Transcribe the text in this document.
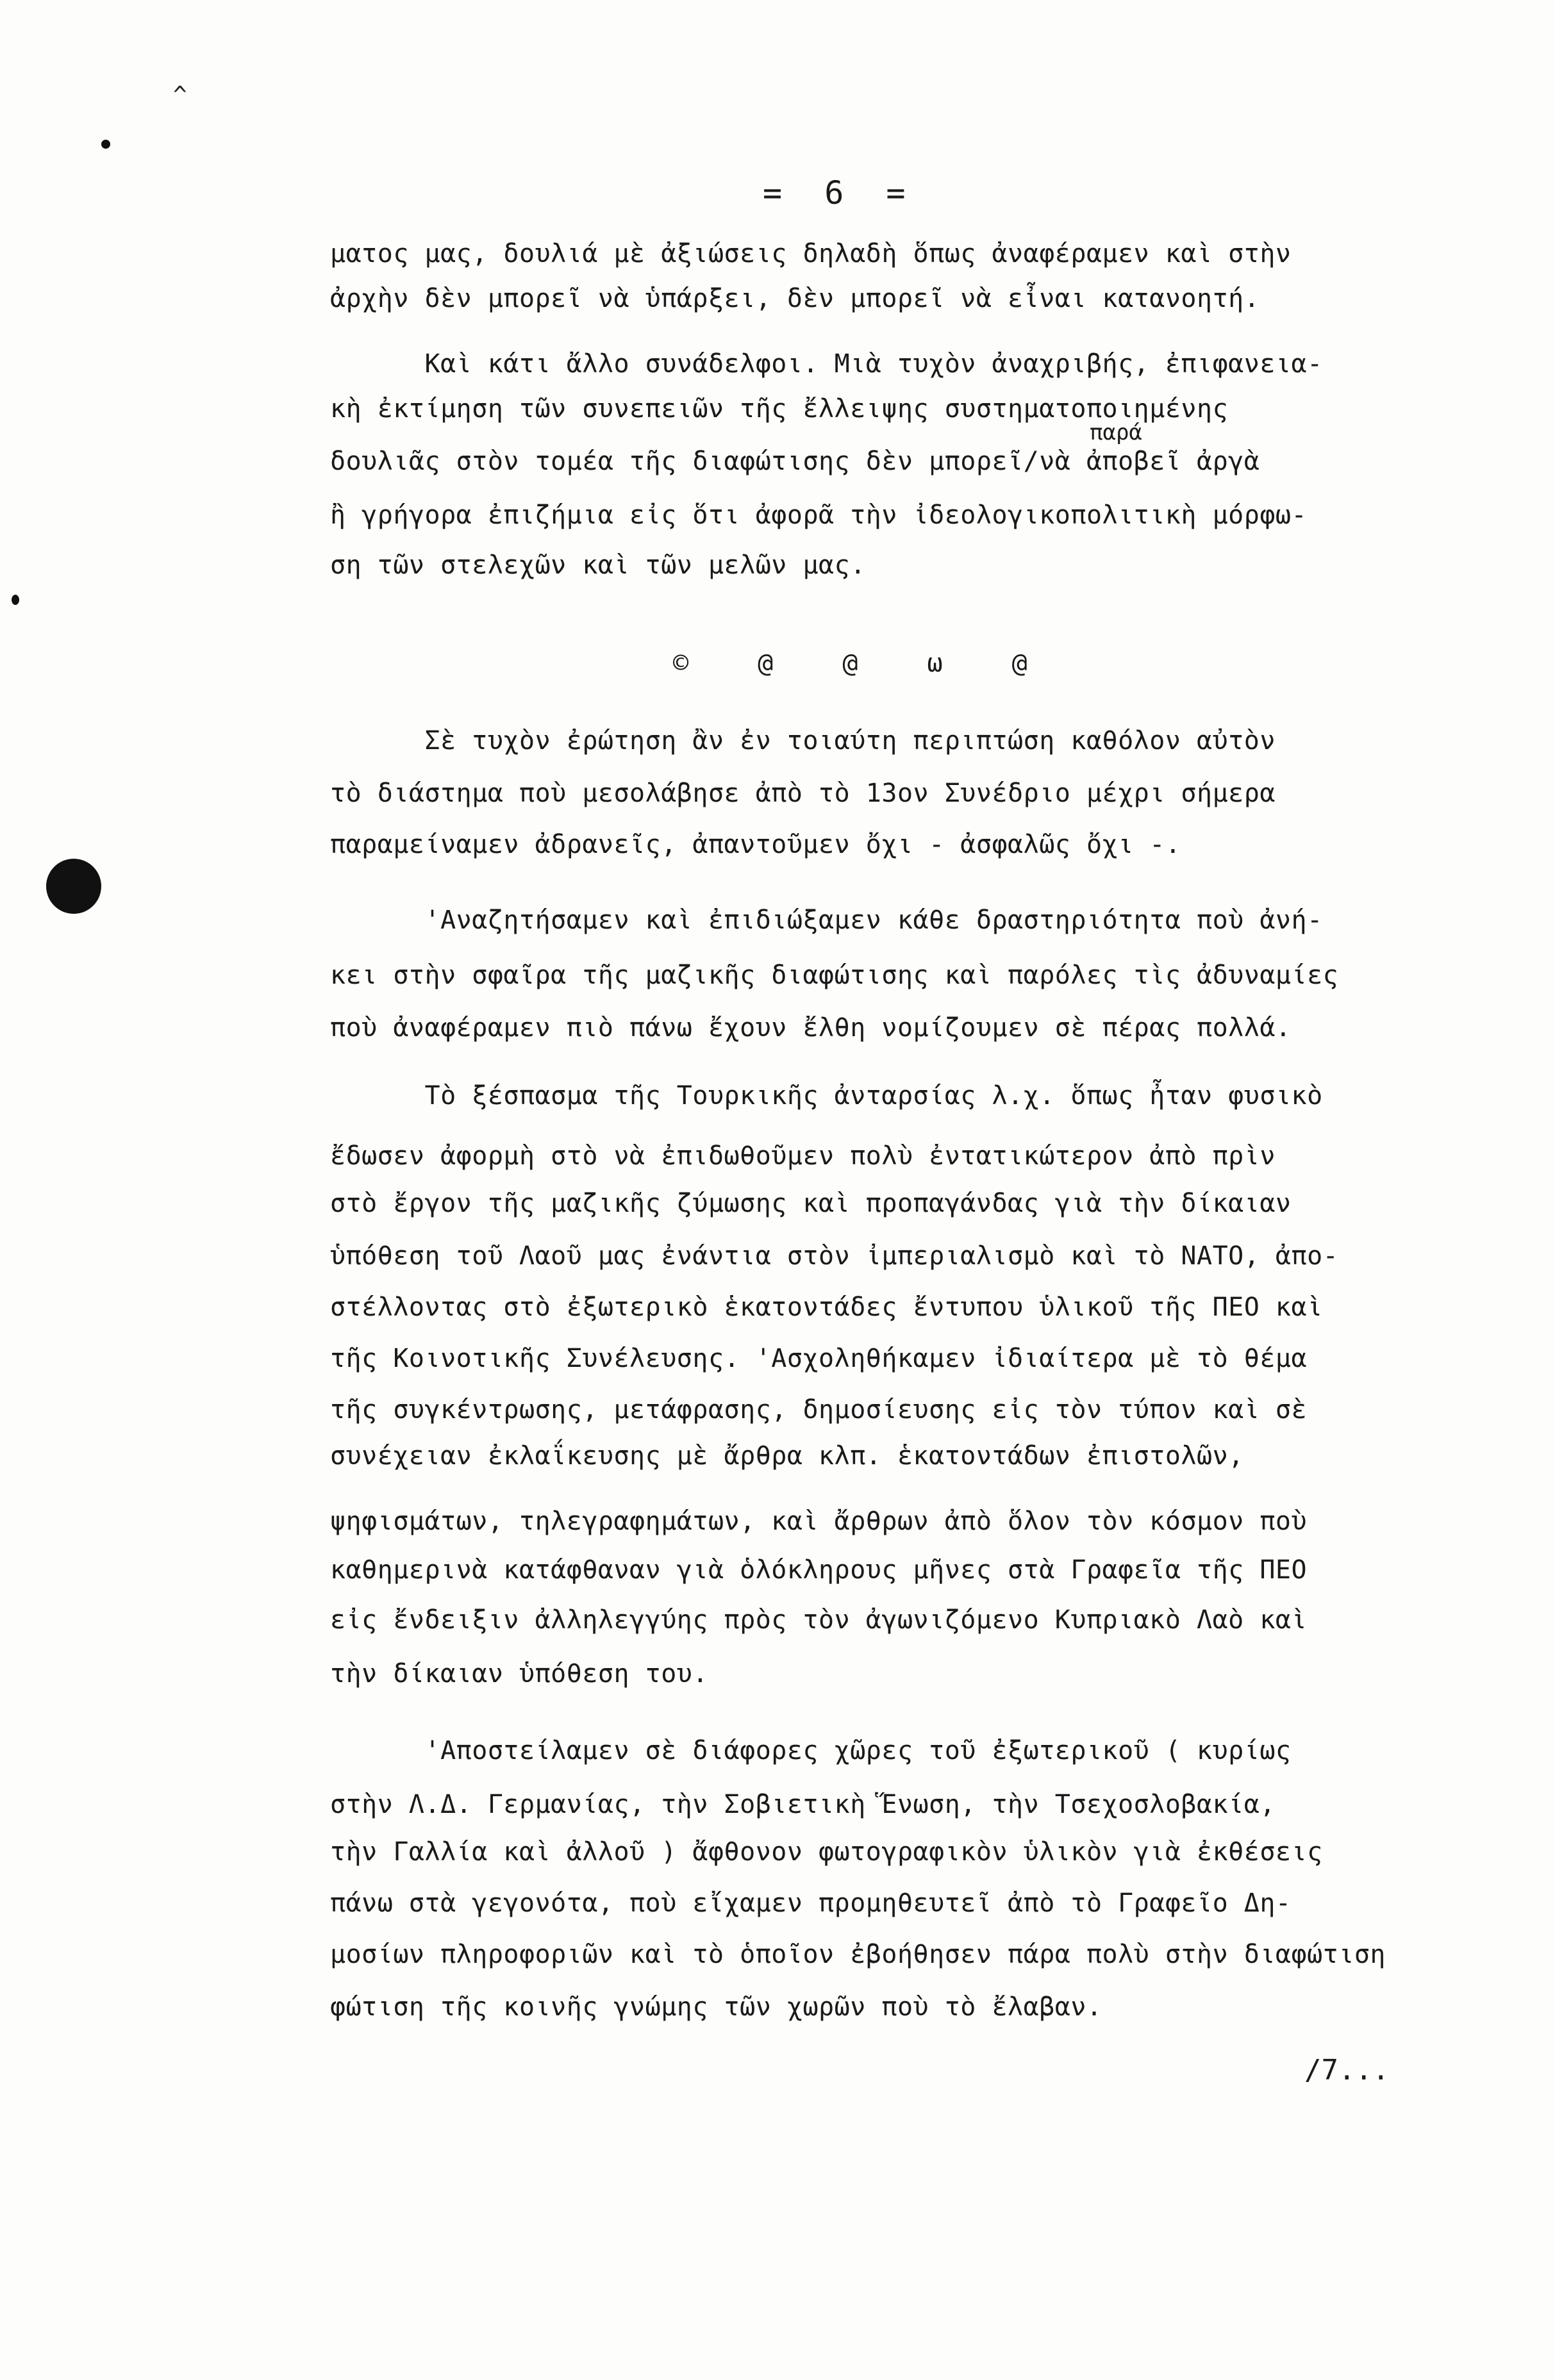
^
= 6 =
ματος μας, δουλιά μὲ ἀξιώσεις δηλαδὴ ὅπως ἀναφέραμεν καὶ στὴν
ἀρχὴν δὲν μπορεῖ νὰ ὑπάρξει, δὲν μπορεῖ νὰ εἶναι κατανοητή.
Καὶ κάτι ἄλλο συνάδελφοι. Μιὰ τυχὸν ἀναχριβής, ἐπιφανεια-
κὴ ἐκτίμηση τῶν συνεπειῶν τῆς ἔλλειψης συστηματοποιημένης
παρά
δουλιᾶς στὸν τομέα τῆς διαφώτισης δὲν μπορεῖ/νὰ ἀποβεῖ ἀργὰ
ἢ γρήγορα ἐπιζήμια εἰς ὅτι ἀφορᾶ τὴν ἰδεολογικοπολιτικὴ μόρφω-
ση τῶν στελεχῶν καὶ τῶν μελῶν μας.
© @ @ ω @
Σὲ τυχὸν ἐρώτηση ἂν ἐν τοιαύτη περιπτώση καθόλον αὐτὸν
τὸ διάστημα ποὺ μεσολάβησε ἀπὸ τὸ 13ον Συνέδριο μέχρι σήμερα
παραμείναμεν ἀδρανεῖς, ἀπαντοῦμεν ὄχι - ἀσφαλῶς ὄχι -.
'Αναζητήσαμεν καὶ ἐπιδιώξαμεν κάθε δραστηριότητα ποὺ ἀνή-
κει στὴν σφαῖρα τῆς μαζικῆς διαφώτισης καὶ παρόλες τὶς ἀδυναμίες
ποὺ ἀναφέραμεν πιὸ πάνω ἔχουν ἔλθη νομίζουμεν σὲ πέρας πολλά.
Τὸ ξέσπασμα τῆς Τουρκικῆς ἀνταρσίας λ.χ. ὅπως ἦταν φυσικὸ
ἔδωσεν ἀφορμὴ στὸ νὰ ἐπιδωθοῦμεν πολὺ ἐντατικώτερον ἀπὸ πρὶν
στὸ ἔργον τῆς μαζικῆς ζύμωσης καὶ προπαγάνδας γιὰ τὴν δίκαιαν
ὑπόθεση τοῦ Λαοῦ μας ἐνάντια στὸν ἰμπεριαλισμὸ καὶ τὸ ΝΑΤΟ, ἀπο-
στέλλοντας στὸ ἐξωτερικὸ ἑκατοντάδες ἔντυπου ὑλικοῦ τῆς ΠΕΟ καὶ
τῆς Κοινοτικῆς Συνέλευσης. 'Ασχοληθήκαμεν ἰδιαίτερα μὲ τὸ θέμα
τῆς συγκέντρωσης, μετάφρασης, δημοσίευσης εἰς τὸν τύπον καὶ σὲ
συνέχειαν ἐκλαΐκευσης μὲ ἄρθρα κλπ. ἑκατοντάδων ἐπιστολῶν,
ψηφισμάτων, τηλεγραφημάτων, καὶ ἄρθρων ἀπὸ ὅλον τὸν κόσμον ποὺ
καθημερινὰ κατάφθαναν γιὰ ὁλόκληρους μῆνες στὰ Γραφεῖα τῆς ΠΕΟ
εἰς ἔνδειξιν ἀλληλεγγύης πρὸς τὸν ἀγωνιζόμενο Κυπριακὸ Λαὸ καὶ
τὴν δίκαιαν ὑπόθεση του.
'Αποστείλαμεν σὲ διάφορες χῶρες τοῦ ἐξωτερικοῦ ( κυρίως
στὴν Λ.Δ. Γερμανίας, τὴν Σοβιετικὴ Ἕνωση, τὴν Τσεχοσλοβακία,
τὴν Γαλλία καὶ ἀλλοῦ ) ἄφθονον φωτογραφικὸν ὑλικὸν γιὰ ἐκθέσεις
πάνω στὰ γεγονότα, ποὺ εἴχαμεν προμηθευτεῖ ἀπὸ τὸ Γραφεῖο Δη-
μοσίων πληροφοριῶν καὶ τὸ ὁποῖον ἐβοήθησεν πάρα πολὺ στὴν διαφώτιση
φώτιση τῆς κοινῆς γνώμης τῶν χωρῶν ποὺ τὸ ἔλαβαν.
/7...
